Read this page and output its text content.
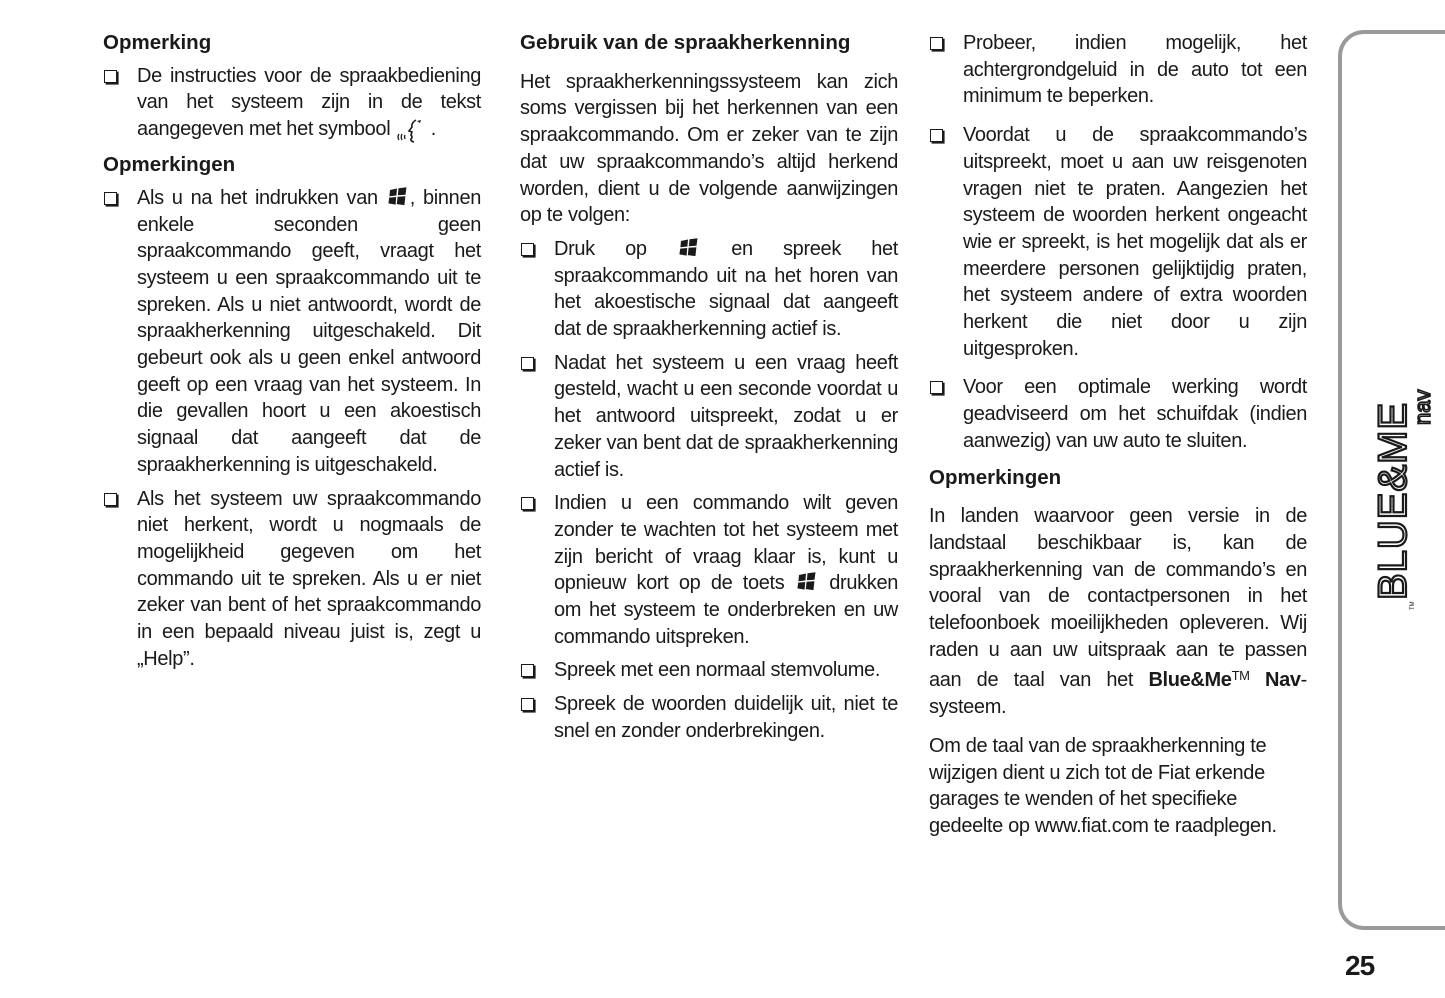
Opmerking
De instructies voor de spraakbediening van het systeem zijn in de tekst aangegeven met het symbool .
Opmerkingen
Als u na het indrukken van , binnen enkele seconden geen spraakcommando geeft, vraagt het systeem u een spraakcommando uit te spreken. Als u niet antwoordt, wordt de spraakherkenning uitgeschakeld. Dit gebeurt ook als u geen enkel antwoord geeft op een vraag van het systeem. In die gevallen hoort u een akoestisch signaal dat aangeeft dat de spraakherkenning is uitgeschakeld.
Als het systeem uw spraakcommando niet herkent, wordt u nogmaals de mogelijkheid gegeven om het commando uit te spreken. Als u er niet zeker van bent of het spraakcommando in een bepaald niveau juist is, zegt u „Help”.
Gebruik van de spraakherkenning

Het spraakherkenningssysteem kan zich soms vergissen bij het herkennen van een spraakcommando. Om er zeker van te zijn dat uw spraakcommando’s altijd herkend worden, dient u de volgende aanwijzingen op te volgen:

Druk op	en spreek het spraakcommando uit na het horen van het akoestische signaal dat aangeeft dat de spraakherkenning actief is.
Nadat het systeem u een vraag heeft gesteld, wacht u een seconde voordat u het antwoord uitspreekt, zodat u er zeker van bent dat de spraakherkenning actief is.
Indien u een commando wilt geven zonder te wachten tot het systeem met zijn bericht of vraag klaar is, kunt u opnieuw kort op de toets drukken om het systeem te onderbreken en uw commando uitspreken.
Spreek met een normaal stemvolume.
Spreek de woorden duidelijk uit, niet te snel en zonder onderbrekingen.
Probeer, indien mogelijk, het achtergrondgeluid in de auto tot een minimum te beperken.
Voordat u de spraakcommando’s uitspreekt, moet u aan uw reisgenoten vragen niet te praten. Aangezien het systeem de woorden herkent ongeacht wie er spreekt, is het mogelijk dat als er meerdere personen gelijktijdig praten, het systeem andere of extra woorden herkent die niet door u zijn uitgesproken.
Voor een optimale werking wordt geadviseerd om het schuifdak (indien aanwezig) van uw auto te sluiten.
Opmerkingen

In landen waarvoor geen versie in de landstaal beschikbaar is, kan de spraakherkenning van de commando’s en vooral van de contactpersonen in het telefoonboek moeilijkheden opleveren. Wij raden u aan uw uitspraak aan te passen aan de taal van het Blue&Me™ Nav-systeem.

Om de taal van de spraakherkenning te wijzigen dient u zich tot de Fiat erkende garages te wenden of het specifieke gedeelte op www.fiat.com te raadplegen.

BLUE&ME
nav
TM
25
